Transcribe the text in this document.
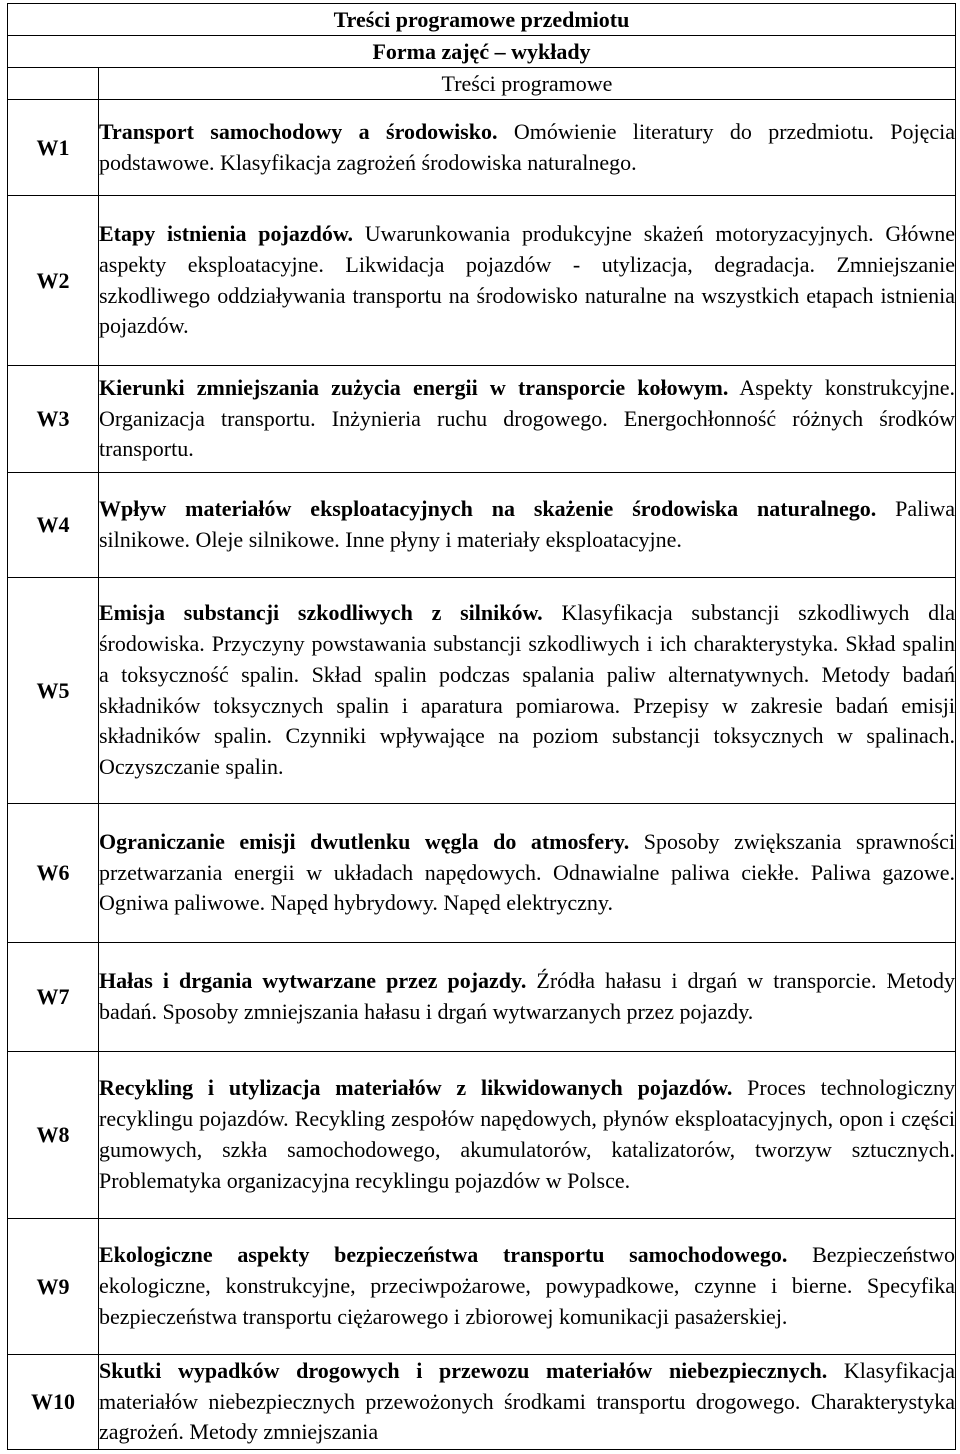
Treści programowe przedmiotu	
Forma zajęć – wykłady	
	Treści programowe
W1	Transport samochodowy a środowisko. Omówienie literatury do przedmiotu. Pojęcia podstawowe. Klasyfikacja zagrożeń środowiska naturalnego.
W2	Etapy istnienia pojazdów. Uwarunkowania produkcyjne skażeń motoryzacyjnych. Główne aspekty eksploatacyjne. Likwidacja pojazdów - utylizacja, degradacja. Zmniejszanie szkodliwego oddziaływania transportu na środowisko naturalne na wszystkich etapach istnienia pojazdów.
W3	Kierunki zmniejszania zużycia energii w transporcie kołowym. Aspekty konstrukcyjne. Organizacja transportu. Inżynieria ruchu drogowego. Energochłonność różnych środków transportu.
W4	Wpływ materiałów eksploatacyjnych na skażenie środowiska naturalnego. Paliwa silnikowe. Oleje silnikowe. Inne płyny i materiały eksploatacyjne.
W5	Emisja substancji szkodliwych z silników. Klasyfikacja substancji szkodliwych dla środowiska. Przyczyny powstawania substancji szkodliwych i ich charakterystyka. Skład spalin a toksyczność spalin. Skład spalin podczas spalania paliw alternatywnych. Metody badań składników toksycznych spalin i aparatura pomiarowa. Przepisy w zakresie badań emisji składników spalin. Czynniki wpływające na poziom substancji toksycznych w spalinach. Oczyszczanie spalin.
W6	Ograniczanie emisji dwutlenku węgla do atmosfery. Sposoby zwiększania sprawności przetwarzania energii w układach napędowych. Odnawialne paliwa ciekłe. Paliwa gazowe. Ogniwa paliwowe. Napęd hybrydowy. Napęd elektryczny.
W7	Hałas i drgania wytwarzane przez pojazdy. Źródła hałasu i drgań w transporcie. Metody badań. Sposoby zmniejszania hałasu i drgań wytwarzanych przez pojazdy.
W8	Recykling i utylizacja materiałów z likwidowanych pojazdów. Proces technologiczny recyklingu pojazdów. Recykling zespołów napędowych, płynów eksploatacyjnych, opon i części gumowych, szkła samochodowego, akumulatorów, katalizatorów, tworzyw sztucznych. Problematyka organizacyjna recyklingu pojazdów w Polsce.
W9	Ekologiczne aspekty bezpieczeństwa transportu samochodowego. Bezpieczeństwo ekologiczne, konstrukcyjne, przeciwpożarowe, powypadkowe, czynne i bierne. Specyfika bezpieczeństwa transportu ciężarowego i zbiorowej komunikacji pasażerskiej.
W10	Skutki wypadków drogowych i przewozu materiałów niebezpiecznych. Klasyfikacja materiałów niebezpiecznych przewożonych środkami transportu drogowego. Charakterystyka zagrożeń. Metody zmniejszania
